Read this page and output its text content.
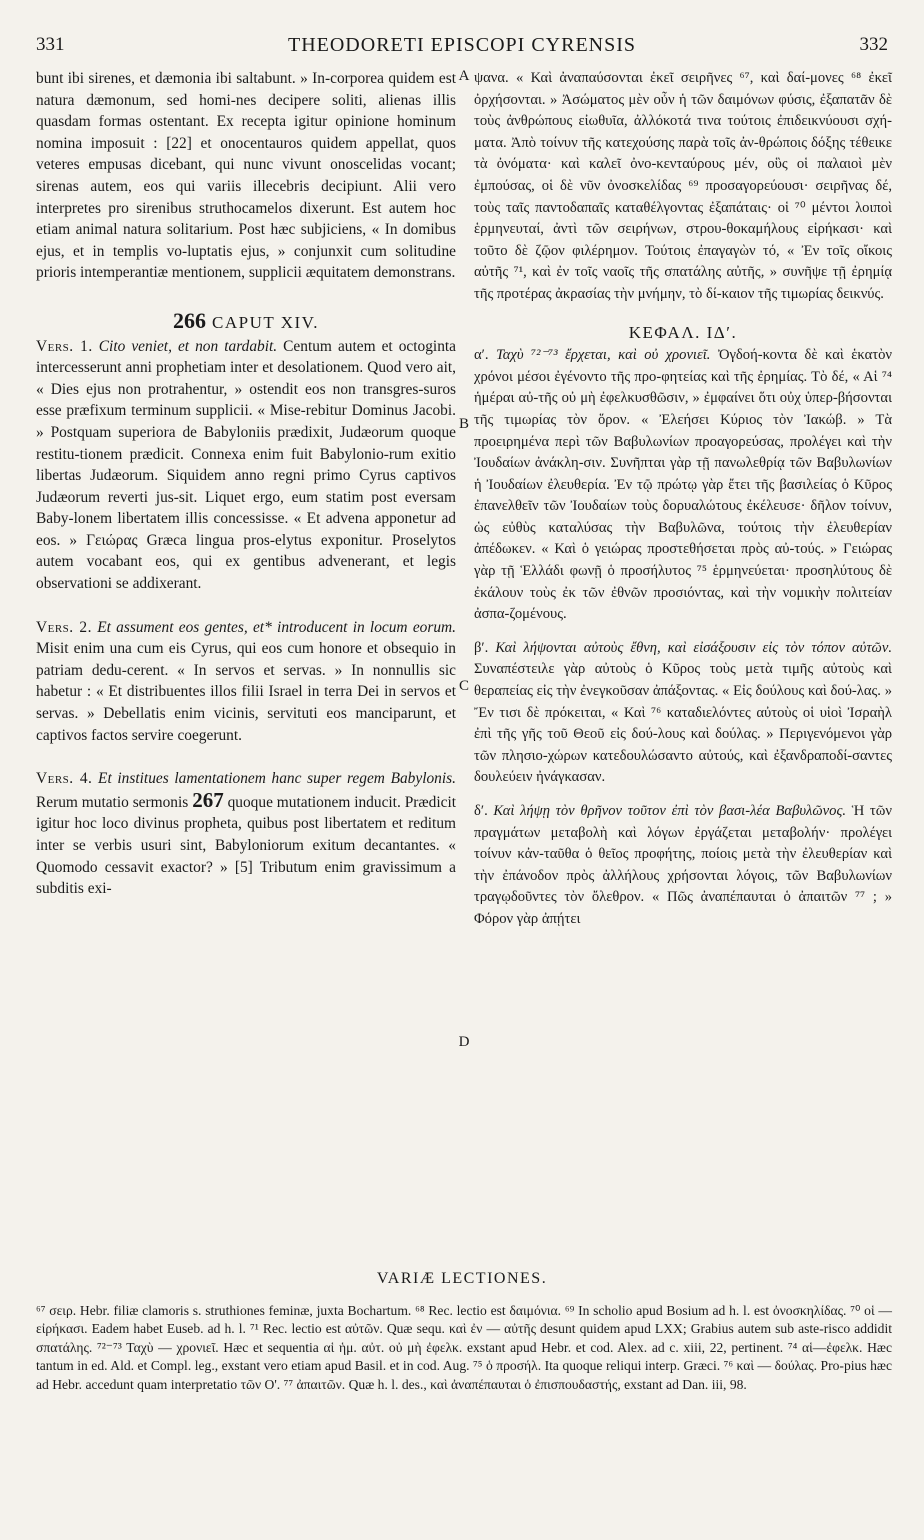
331	THEODORETI EPISCOPI CYRENSIS	332
A
B
C
D

bunt ibi sirenes, et dæmonia ibi saltabunt. » In-corporea quidem est natura dæmonum, sed homi-nes decipere soliti, alienas illis quasdam formas ostentant. Ex recepta igitur opinione hominum nomina imposuit : [22] et onocentauros quidem appellat, quos veteres empusas dicebant, qui nunc vivunt onoscelidas vocant; sirenas autem, eos qui variis illecebris decipiunt. Alii vero interpretes pro sirenibus struthocamelos dixerunt. Est autem hoc etiam animal natura solitarium. Post hæc subjiciens, « In domibus ejus, et in templis vo-luptatis ejus, » conjunxit cum solitudine prioris intemperantiæ mentionem, supplicii æquitatem demonstrans.

266 CAPUT XIV.

Vers. 1. Cito veniet, et non tardabit. Centum autem et octoginta intercesserunt anni prophetiam inter et desolationem. Quod vero ait, « Dies ejus non protrahentur, » ostendit eos non transgres-suros esse præfixum terminum supplicii. « Mise-rebitur Dominus Jacobi. » Postquam superiora de Babyloniis prædixit, Judæorum quoque restitu-tionem prædicit. Connexa enim fuit Babylonio-rum exitio libertas Judæorum. Siquidem anno regni primo Cyrus captivos Judæorum reverti jus-sit. Liquet ergo, eum statim post eversam Baby-lonem libertatem illis concessisse. « Et advena apponetur ad eos. » Γειώρας Græca lingua pros-elytus exponitur. Proselytos autem vocabant eos, qui ex gentibus advenerant, et legis observationi se addixerant.

Vers. 2. Et assument eos gentes, et* introducent in locum eorum. Misit enim una cum eis Cyrus, qui eos cum honore et obsequio in patriam dedu-cerent. « In servos et servas. » In nonnullis sic habetur : « Et distribuentes illos filii Israel in terra Dei in servos et servas. » Debellatis enim vicinis, servituti eos manciparunt, et captivos factos servire coegerunt.

Vers. 4. Et institues lamentationem hanc super regem Babylonis. Rerum mutatio sermonis 267 quoque mutationem inducit. Prædicit igitur hoc loco divinus propheta, quibus post libertatem et reditum inter se verbis usuri sint, Babyloniorum exitum decantantes. « Quomodo cessavit exactor? » [5] Tributum enim gravissimum a subditis exi-

ψανα. « Καὶ ἀναπαύσονται ἐκεῖ σειρῆνες ⁶⁷, καὶ δαί-μονες ⁶⁸ ἐκεῖ ὀρχήσονται. » Ἀσώματος μὲν οὖν ἡ τῶν δαιμόνων φύσις, ἐξαπατᾶν δὲ τοὺς ἀνθρώπους εἰωθυῖα, ἀλλόκοτά τινα τούτοις ἐπιδεικνύουσι σχή-ματα. Ἀπὸ τοίνυν τῆς κατεχούσης παρὰ τοῖς ἀν-θρώποις δόξης τέθεικε τὰ ὀνόματα· καὶ καλεῖ ὀνο-κενταύρους μέν, οὓς οἱ παλαιοὶ μὲν ἐμπούσας, οἱ δὲ νῦν ὀνοσκελίδας ⁶⁹ προσαγορεύουσι· σειρῆνας δέ, τοὺς ταῖς παντοδαπαῖς καταθέλγοντας ἐξαπάταις· οἱ ⁷⁰ μέντοι λοιποὶ ἑρμηνευταί, ἀντὶ τῶν σειρήνων, στρου-θοκαμήλους εἰρήκασι· καὶ τοῦτο δὲ ζῷον φιλέρημον. Τούτοις ἐπαγαγὼν τό, « Ἐν τοῖς οἴκοις αὐτῆς ⁷¹, καὶ ἐν τοῖς ναοῖς τῆς σπατάλης αὐτῆς, » συνῆψε τῇ ἐρημίᾳ τῆς προτέρας ἀκρασίας τὴν μνήμην, τὸ δί-καιον τῆς τιμωρίας δεικνύς.

ΚΕΦΑΛ. ΙΔʹ.

αʹ. Ταχὺ ⁷²⁻⁷³ ἔρχεται, καὶ οὐ χρονιεῖ. Ὀγδοή-κοντα δὲ καὶ ἑκατὸν χρόνοι μέσοι ἐγένοντο τῆς προ-φητείας καὶ τῆς ἐρημίας. Τὸ δέ, « Αἱ ⁷⁴ ἡμέραι αὐ-τῆς οὐ μὴ ἐφελκυσθῶσιν, » ἐμφαίνει ὅτι οὐχ ὑπερ-βήσονται τῆς τιμωρίας τὸν ὅρον. « Ἐλεήσει Κύριος τὸν Ἰακώβ. » Τὰ προειρημένα περὶ τῶν Βαβυλωνίων προαγορεύσας, προλέγει καὶ τὴν Ἰουδαίων ἀνάκλη-σιν. Συνῆπται γὰρ τῇ πανωλεθρίᾳ τῶν Βαβυλωνίων ἡ Ἰουδαίων ἐλευθερία. Ἐν τῷ πρώτῳ γὰρ ἔτει τῆς βασιλείας ὁ Κῦρος ἐπανελθεῖν τῶν Ἰουδαίων τοὺς δορυαλώτους ἐκέλευσε· δῆλον τοίνυν, ὡς εὐθὺς καταλύσας τὴν Βαβυλῶνα, τούτοις τὴν ἐλευθερίαν ἀπέδωκεν. « Καὶ ὁ γειώρας προστεθήσεται πρὸς αὐ-τούς. » Γειώρας γὰρ τῇ Ἑλλάδι φωνῇ ὁ προσήλυτος ⁷⁵ ἑρμηνεύεται· προσηλύτους δὲ ἐκάλουν τοὺς ἐκ τῶν ἐθνῶν προσιόντας, καὶ τὴν νομικὴν πολιτείαν ἀσπα-ζομένους.

βʹ. Καὶ λήψονται αὐτοὺς ἔθνη, καὶ εἰσάξουσιν εἰς τὸν τόπον αὐτῶν. Συναπέστειλε γὰρ αὐτοὺς ὁ Κῦρος τοὺς μετὰ τιμῆς αὐτοὺς καὶ θεραπείας εἰς τὴν ἐνεγκοῦσαν ἀπάξοντας. « Εἰς δούλους καὶ δού-λας. » Ἔν τισι δὲ πρόκειται, « Καὶ ⁷⁶ καταδιελόντες αὐτοὺς οἱ υἱοὶ Ἰσραὴλ ἐπὶ τῆς γῆς τοῦ Θεοῦ εἰς δού-λους καὶ δούλας. » Περιγενόμενοι γὰρ τῶν πλησιο-χώρων κατεδουλώσαντο αὐτούς, καὶ ἐξανδραποδί-σαντες δουλεύειν ἠνάγκασαν.

δʹ. Καὶ λήψῃ τὸν θρῆνον τοῦτον ἐπὶ τὸν βασι-λέα Βαβυλῶνος. Ἡ τῶν πραγμάτων μεταβολὴ καὶ λόγων ἐργάζεται μεταβολήν· προλέγει τοίνυν κἀν-ταῦθα ὁ θεῖος προφήτης, ποίοις μετὰ τὴν ἐλευθερίαν καὶ τὴν ἐπάνοδον πρὸς ἀλλήλους χρήσονται λόγοις, τῶν Βαβυλωνίων τραγῳδοῦντες τὸν ὄλεθρον. « Πῶς ἀναπέπαυται ὁ ἀπαιτῶν ⁷⁷ ; » Φόρον γὰρ ἀπῄτει

VARIÆ LECTIONES.

⁶⁷ σειρ. Hebr. filiæ clamoris s. struthiones feminæ, juxta Bochartum. ⁶⁸ Rec. lectio est δαιμόνια. ⁶⁹ In scholio apud Bosium ad h. l. est ὀνοσκηλίδας. ⁷⁰ οἱ — εἰρήκασι. Eadem habet Euseb. ad h. l. ⁷¹ Rec. lectio est αὐτῶν. Quæ sequ. καὶ ἐν — αὐτῆς desunt quidem apud LXX; Grabius autem sub aste-risco addidit σπατάλης. ⁷²⁻⁷³ Ταχὺ — χρονιεῖ. Hæc et sequentia αἱ ἡμ. αὐτ. οὐ μὴ ἐφελκ. exstant apud Hebr. et cod. Alex. ad c. xiii, 22, pertinent. ⁷⁴ αἱ—ἐφελκ. Hæc tantum in ed. Ald. et Compl. leg., exstant vero etiam apud Basil. et in cod. Aug. ⁷⁵ ὁ προσήλ. Ita quoque reliqui interp. Græci. ⁷⁶ καὶ — δούλας. Pro-pius hæc ad Hebr. accedunt quam interpretatio τῶν Ο'. ⁷⁷ ἀπαιτῶν. Quæ h. l. des., καὶ ἀναπέπαυται ὁ ἐπισπουδαστής, exstant ad Dan. iii, 98.
